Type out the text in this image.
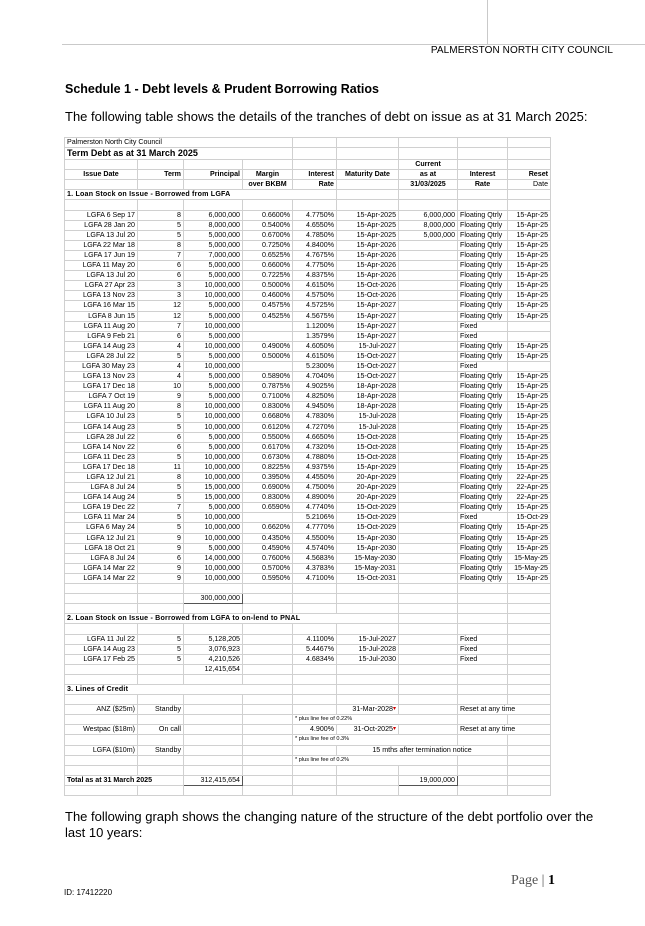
PALMERSTON NORTH CITY COUNCIL
Schedule 1 - Debt levels & Prudent Borrowing Ratios
The following table shows the details of the tranches of debt on issue as at 31 March 2025:
Palmerston North City Council								
Term Debt as at 31 March 2025								
						Current		
Issue Date	Term	Principal	Margin	Interest	Maturity Date	as at	Interest	Reset
			over BKBM	Rate		31/03/2025	Rate	Date
1. Loan Stock on Issue - Borrowed from LGFA								

LGFA 6 Sep 17	8	6,000,000	0.6600%	4.7750%	15-Apr-2025	6,000,000	Floating Qtrly	15-Apr-25
LGFA 28 Jan 20	5	8,000,000	0.5400%	4.6550%	15-Apr-2025	8,000,000	Floating Qtrly	15-Apr-25
LGFA 13 Jul 20	5	5,000,000	0.6700%	4.7850%	15-Apr-2025	5,000,000	Floating Qtrly	15-Apr-25
LGFA 22 Mar 18	8	5,000,000	0.7250%	4.8400%	15-Apr-2026		Floating Qtrly	15-Apr-25
LGFA 17 Jun 19	7	7,000,000	0.6525%	4.7675%	15-Apr-2026		Floating Qtrly	15-Apr-25
LGFA 11 May 20	6	5,000,000	0.6600%	4.7750%	15-Apr-2026		Floating Qtrly	15-Apr-25
LGFA 13 Jul 20	6	5,000,000	0.7225%	4.8375%	15-Apr-2026		Floating Qtrly	15-Apr-25
LGFA 27 Apr 23	3	10,000,000	0.5000%	4.6150%	15-Oct-2026		Floating Qtrly	15-Apr-25
LGFA 13 Nov 23	3	10,000,000	0.4600%	4.5750%	15-Oct-2026		Floating Qtrly	15-Apr-25
LGFA 16 Mar 15	12	5,000,000	0.4575%	4.5725%	15-Apr-2027		Floating Qtrly	15-Apr-25
LGFA 8 Jun 15	12	5,000,000	0.4525%	4.5675%	15-Apr-2027		Floating Qtrly	15-Apr-25
LGFA 11 Aug 20	7	10,000,000		1.1200%	15-Apr-2027		Fixed	
LGFA 9 Feb 21	6	5,000,000		1.3579%	15-Apr-2027		Fixed	
LGFA 14 Aug 23	4	10,000,000	0.4900%	4.6050%	15-Jul-2027		Floating Qtrly	15-Apr-25
LGFA 28 Jul 22	5	5,000,000	0.5000%	4.6150%	15-Oct-2027		Floating Qtrly	15-Apr-25
LGFA 30 May 23	4	10,000,000		5.2300%	15-Oct-2027		Fixed	
LGFA 13 Nov 23	4	5,000,000	0.5890%	4.7040%	15-Oct-2027		Floating Qtrly	15-Apr-25
LGFA 17 Dec 18	10	5,000,000	0.7875%	4.9025%	18-Apr-2028		Floating Qtrly	15-Apr-25
LGFA 7 Oct 19	9	5,000,000	0.7100%	4.8250%	18-Apr-2028		Floating Qtrly	15-Apr-25
LGFA 11 Aug 20	8	10,000,000	0.8300%	4.9450%	18-Apr-2028		Floating Qtrly	15-Apr-25
LGFA 10 Jul 23	5	10,000,000	0.6680%	4.7830%	15-Jul-2028		Floating Qtrly	15-Apr-25
LGFA 14 Aug 23	5	10,000,000	0.6120%	4.7270%	15-Jul-2028		Floating Qtrly	15-Apr-25
LGFA 28 Jul 22	6	5,000,000	0.5500%	4.6650%	15-Oct-2028		Floating Qtrly	15-Apr-25
LGFA 14 Nov 22	6	5,000,000	0.6170%	4.7320%	15-Oct-2028		Floating Qtrly	15-Apr-25
LGFA 11 Dec 23	5	10,000,000	0.6730%	4.7880%	15-Oct-2028		Floating Qtrly	15-Apr-25
LGFA 17 Dec 18	11	10,000,000	0.8225%	4.9375%	15-Apr-2029		Floating Qtrly	15-Apr-25
LGFA 12 Jul 21	8	10,000,000	0.3950%	4.4550%	20-Apr-2029		Floating Qtrly	22-Apr-25
LGFA 8 Jul 24	5	15,000,000	0.6900%	4.7500%	20-Apr-2029		Floating Qtrly	22-Apr-25
LGFA 14 Aug 24	5	15,000,000	0.8300%	4.8900%	20-Apr-2029		Floating Qtrly	22-Apr-25
LGFA 19 Dec 22	7	5,000,000	0.6590%	4.7740%	15-Oct-2029		Floating Qtrly	15-Apr-25
LGFA 11 Mar 24	5	10,000,000		5.2106%	15-Oct-2029		Fixed	15-Oct-29
LGFA 6 May 24	5	10,000,000	0.6620%	4.7770%	15-Oct-2029		Floating Qtrly	15-Apr-25
LGFA 12 Jul 21	9	10,000,000	0.4350%	4.5500%	15-Apr-2030		Floating Qtrly	15-Apr-25
LGFA 18 Oct 21	9	5,000,000	0.4590%	4.5740%	15-Apr-2030		Floating Qtrly	15-Apr-25
LGFA 8 Jul 24	6	14,000,000	0.7600%	4.5683%	15-May-2030		Floating Qtrly	15-May-25
LGFA 14 Mar 22	9	10,000,000	0.5700%	4.3783%	15-May-2031		Floating Qtrly	15-May-25
LGFA 14 Mar 22	9	10,000,000	0.5950%	4.7100%	15-Oct-2031		Floating Qtrly	15-Apr-25

		300,000,000						

2. Loan Stock on Issue - Borrowed from LGFA to on-lend to PNAL								

LGFA 11 Jul 22	5	5,128,205		4.1100%	15-Jul-2027		Fixed	
LGFA 14 Aug 23	5	3,076,923		5.4467%	15-Jul-2028		Fixed	
LGFA 17 Feb 25	5	4,210,526		4.6834%	15-Jul-2030		Fixed	
		12,415,654						

3. Lines of Credit								

ANZ ($25m)	Standby				31-Mar-2028▾		Reset at any time	
				* plus line fee of 0.22%				
Westpac ($18m)	On call			4.900%	31-Oct-2025▾		Reset at any time	
				* plus line fee of 0.3%				
LGFA ($10m)	Standby				15 mths after termination notice			
				* plus line fee of 0.2%				

Total as at 31 March 2025		312,415,654				19,000,000		

The following graph shows the changing nature of the structure of the debt portfolio over the last 10 years:
ID: 17412220
Page | 1
